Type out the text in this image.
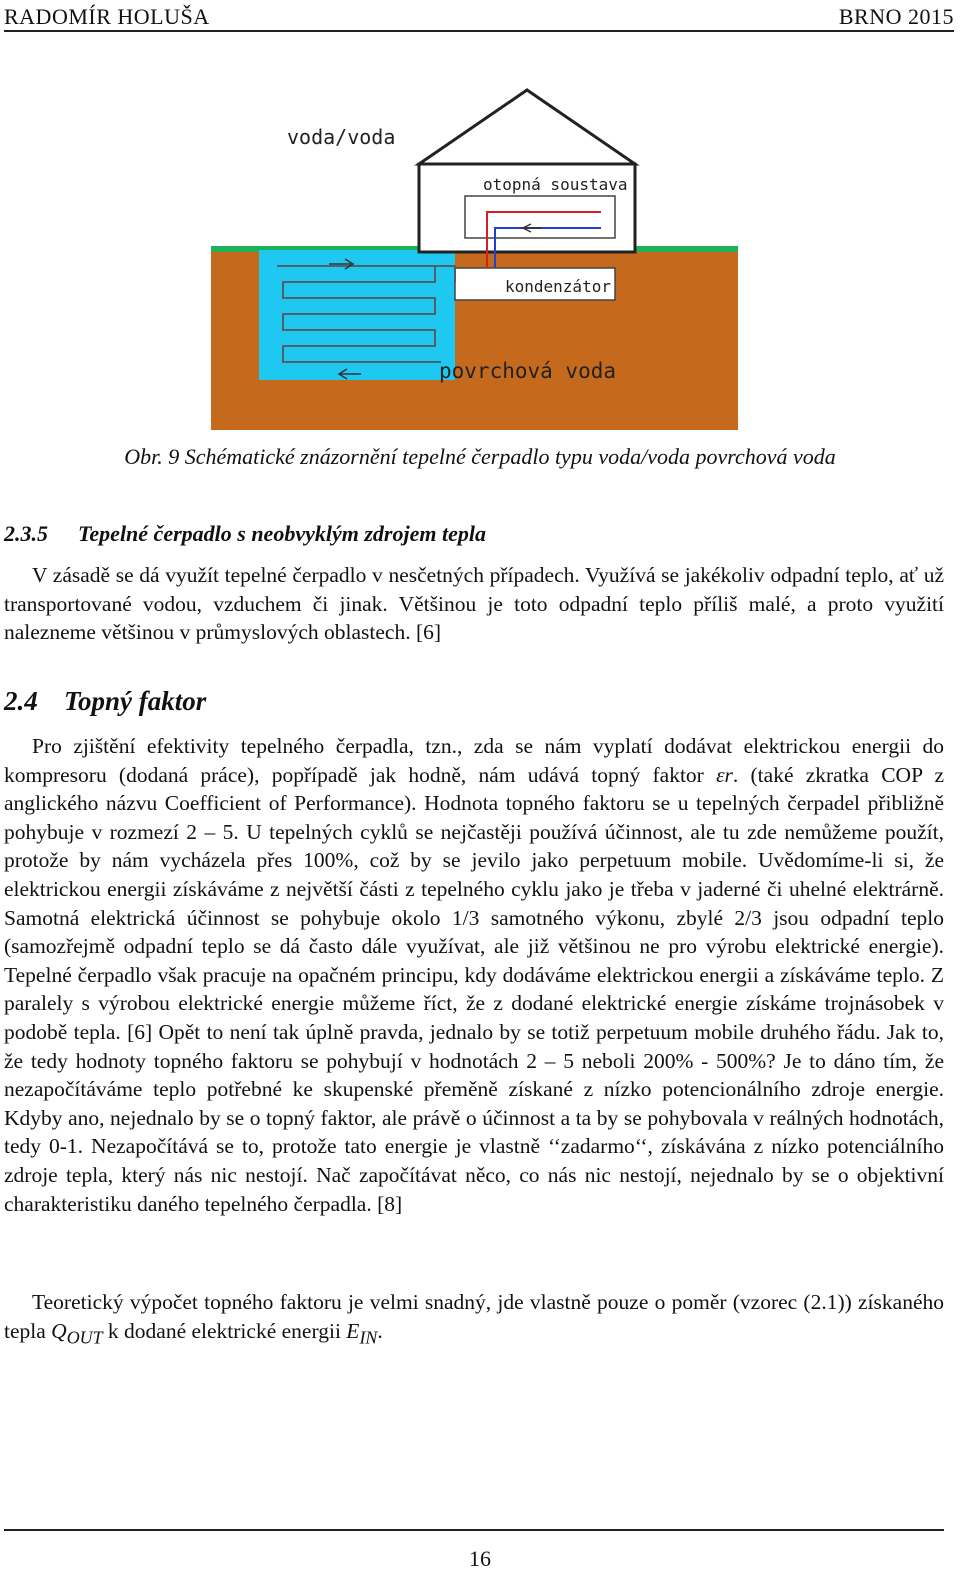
RADOMÍR HOLUŠA	BRNO 2015
voda/voda
otopná soustava
kondenzátor
povrchová voda
Obr. 9 Schématické znázornění tepelné čerpadlo typu voda/voda povrchová voda
2.3.5 Tepelné čerpadlo s neobvyklým zdrojem tepla
V zásadě se dá využít tepelné čerpadlo v nesčetných případech. Využívá se jakékoliv odpadní teplo, ať už transportované vodou, vzduchem či jinak. Většinou je toto odpadní teplo příliš malé, a proto využití nalezneme většinou v průmyslových oblastech. [6]
2.4 Topný faktor
Pro zjištění efektivity tepelného čerpadla, tzn., zda se nám vyplatí dodávat elektrickou energii do kompresoru (dodaná práce), popřípadě jak hodně, nám udává topný faktor εr. (také zkratka COP z anglického názvu Coefficient of Performance). Hodnota topného faktoru se u tepelných čerpadel přibližně pohybuje v rozmezí 2 – 5. U tepelných cyklů se nejčastěji používá účinnost, ale tu zde nemůžeme použít, protože by nám vycházela přes 100%, což by se jevilo jako perpetuum mobile. Uvědomíme-li si, že elektrickou energii získáváme z největší části z tepelného cyklu jako je třeba v jaderné či uhelné elektrárně. Samotná elektrická účinnost se pohybuje okolo 1/3 samotného výkonu, zbylé 2/3 jsou odpadní teplo (samozřejmě odpadní teplo se dá často dále využívat, ale již většinou ne pro výrobu elektrické energie). Tepelné čerpadlo však pracuje na opačném principu, kdy dodáváme elektrickou energii a získáváme teplo. Z paralely s výrobou elektrické energie můžeme říct, že z dodané elektrické energie získáme trojnásobek v podobě tepla. [6] Opět to není tak úplně pravda, jednalo by se totiž perpetuum mobile druhého řádu. Jak to, že tedy hodnoty topného faktoru se pohybují v hodnotách 2 – 5 neboli 200% - 500%? Je to dáno tím, že nezapočítáváme teplo potřebné ke skupenské přeměně získané z nízko potencionálního zdroje energie. Kdyby ano, nejednalo by se o topný faktor, ale právě o účinnost a ta by se pohybovala v reálných hodnotách, tedy 0-1. Nezapočítává se to, protože tato energie je vlastně ‘‘zadarmo‘‘, získávána z nízko potenciálního zdroje tepla, který nás nic nestojí. Nač započítávat něco, co nás nic nestojí, nejednalo by se o objektivní charakteristiku daného tepelného čerpadla. [8]
Teoretický výpočet topného faktoru je velmi snadný, jde vlastně pouze o poměr (vzorec (2.1)) získaného tepla $Q_{OUT}$ k dodané elektrické energii $E_{IN}$.
16
